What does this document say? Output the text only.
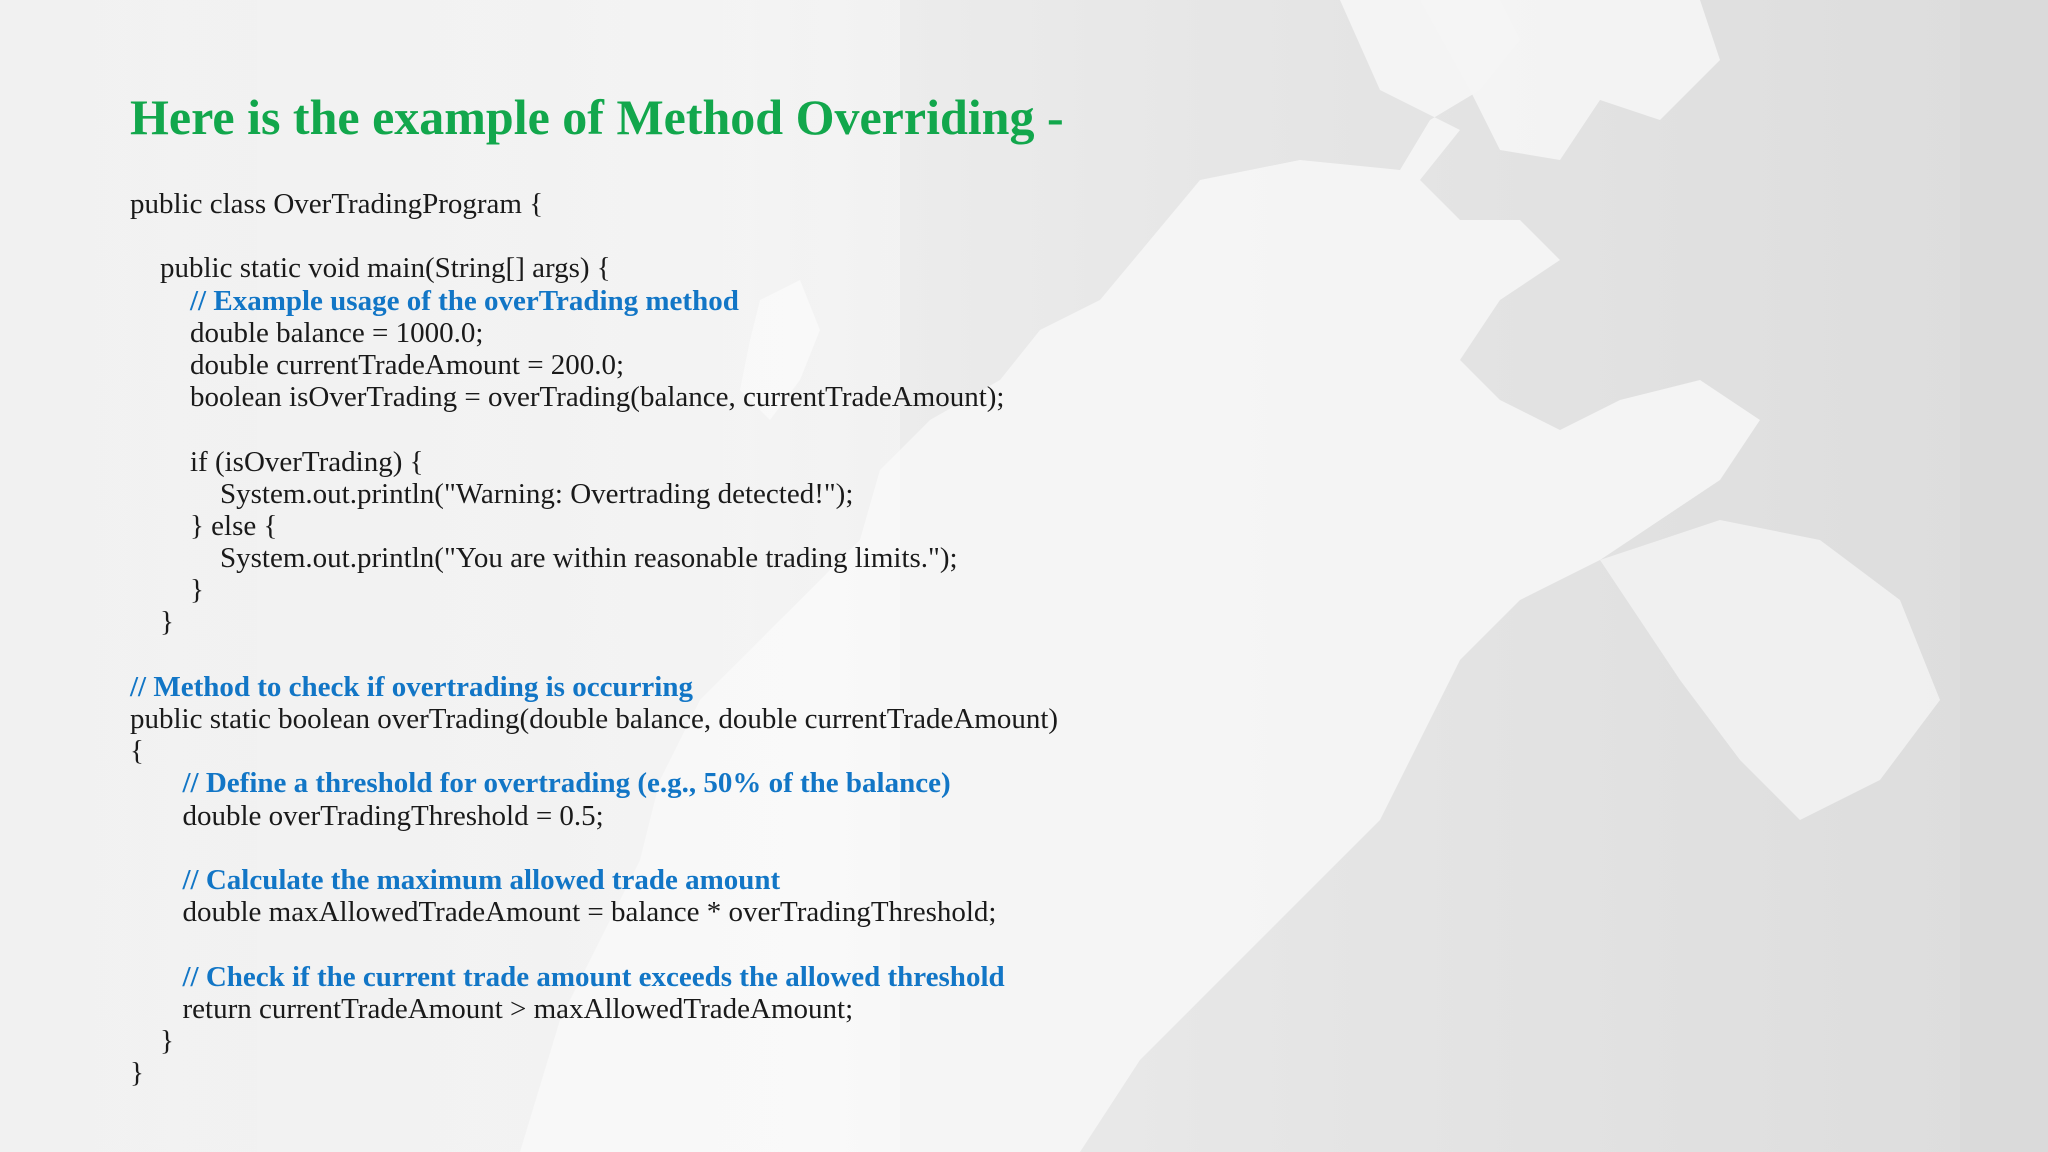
Here is the example of Method Overriding -
public class OverTradingProgram {
public static void main(String[] args) {
// Example usage of the overTrading method
double balance = 1000.0;
double currentTradeAmount = 200.0;
boolean isOverTrading = overTrading(balance, currentTradeAmount);
if (isOverTrading) {
System.out.println("Warning: Overtrading detected!");
} else {
System.out.println("You are within reasonable trading limits.");
}
}
// Method to check if overtrading is occurring
public static boolean overTrading(double balance, double currentTradeAmount)
{
// Define a threshold for overtrading (e.g., 50% of the balance)
double overTradingThreshold = 0.5;
// Calculate the maximum allowed trade amount
double maxAllowedTradeAmount = balance * overTradingThreshold;
// Check if the current trade amount exceeds the allowed threshold
return currentTradeAmount > maxAllowedTradeAmount;
}
}
